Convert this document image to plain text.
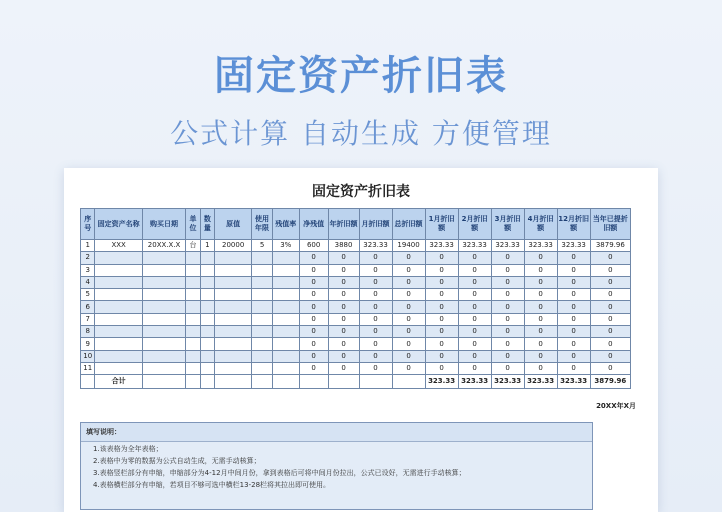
固定资产折旧表
公式计算 自动生成 方便管理
固定资产折旧表
序号	固定资产名称	购买日期	单位	数量	原值	使用年限	残值率	净残值	年折旧额	月折旧额	总折旧额	1月折旧额	2月折旧额	3月折旧额	4月折旧额	12月折旧额	当年已提折旧额
1	XXX	20XX.X.X	台	1	20000	5	3%	600	3880	323.33	19400	323.33	323.33	323.33	323.33	323.33	3879.96
2								0	0	0	0	0	0	0	0	0	0
3								0	0	0	0	0	0	0	0	0	0
4								0	0	0	0	0	0	0	0	0	0
5								0	0	0	0	0	0	0	0	0	0
6								0	0	0	0	0	0	0	0	0	0
7								0	0	0	0	0	0	0	0	0	0
8								0	0	0	0	0	0	0	0	0	0
9								0	0	0	0	0	0	0	0	0	0
10								0	0	0	0	0	0	0	0	0	0
11								0	0	0	0	0	0	0	0	0	0
	合计											323.33	323.33	323.33	323.33	323.33	3879.96
20XX年X月
填写说明：
1.该表格为全年表格；
2.表格中为零的数据为公式自动生成，无需手动核算；
3.表格竖栏部分有申缩，申缩部分为4-12月中间月份，拿到表格后可将中间月份拉出，公式已设好，无需进行手动核算；
4.表格横栏部分有申缩，若项目不够可选中横栏13-28栏将其拉出即可使用。
